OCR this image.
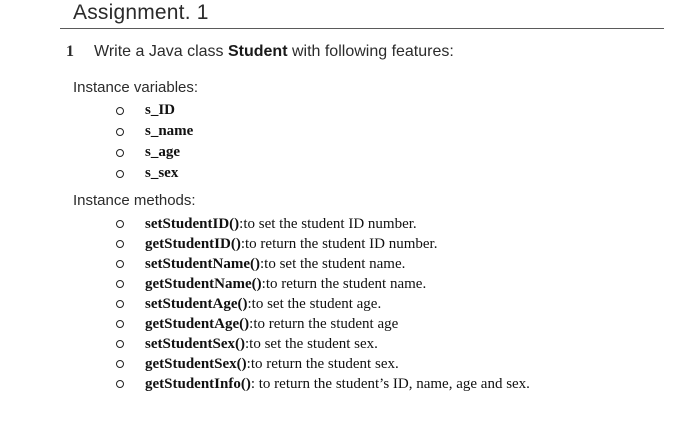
Assignment. 1
1	Write a Java class Student with following features:

Instance variables:

s_ID
s_name
s_age
s_sex

Instance methods:

setStudentID() :to set the student ID number.
getStudentID() :to return the student ID number.
setStudentName() :to set the student name.
getStudentName() :to return the student name.
setStudentAge() :to set the student age.
getStudentAge() :to return the student age
setStudentSex() :to set the student sex.
getStudentSex() :to return the student sex.
getStudentInfo() : to return the student’s ID, name, age and sex.
